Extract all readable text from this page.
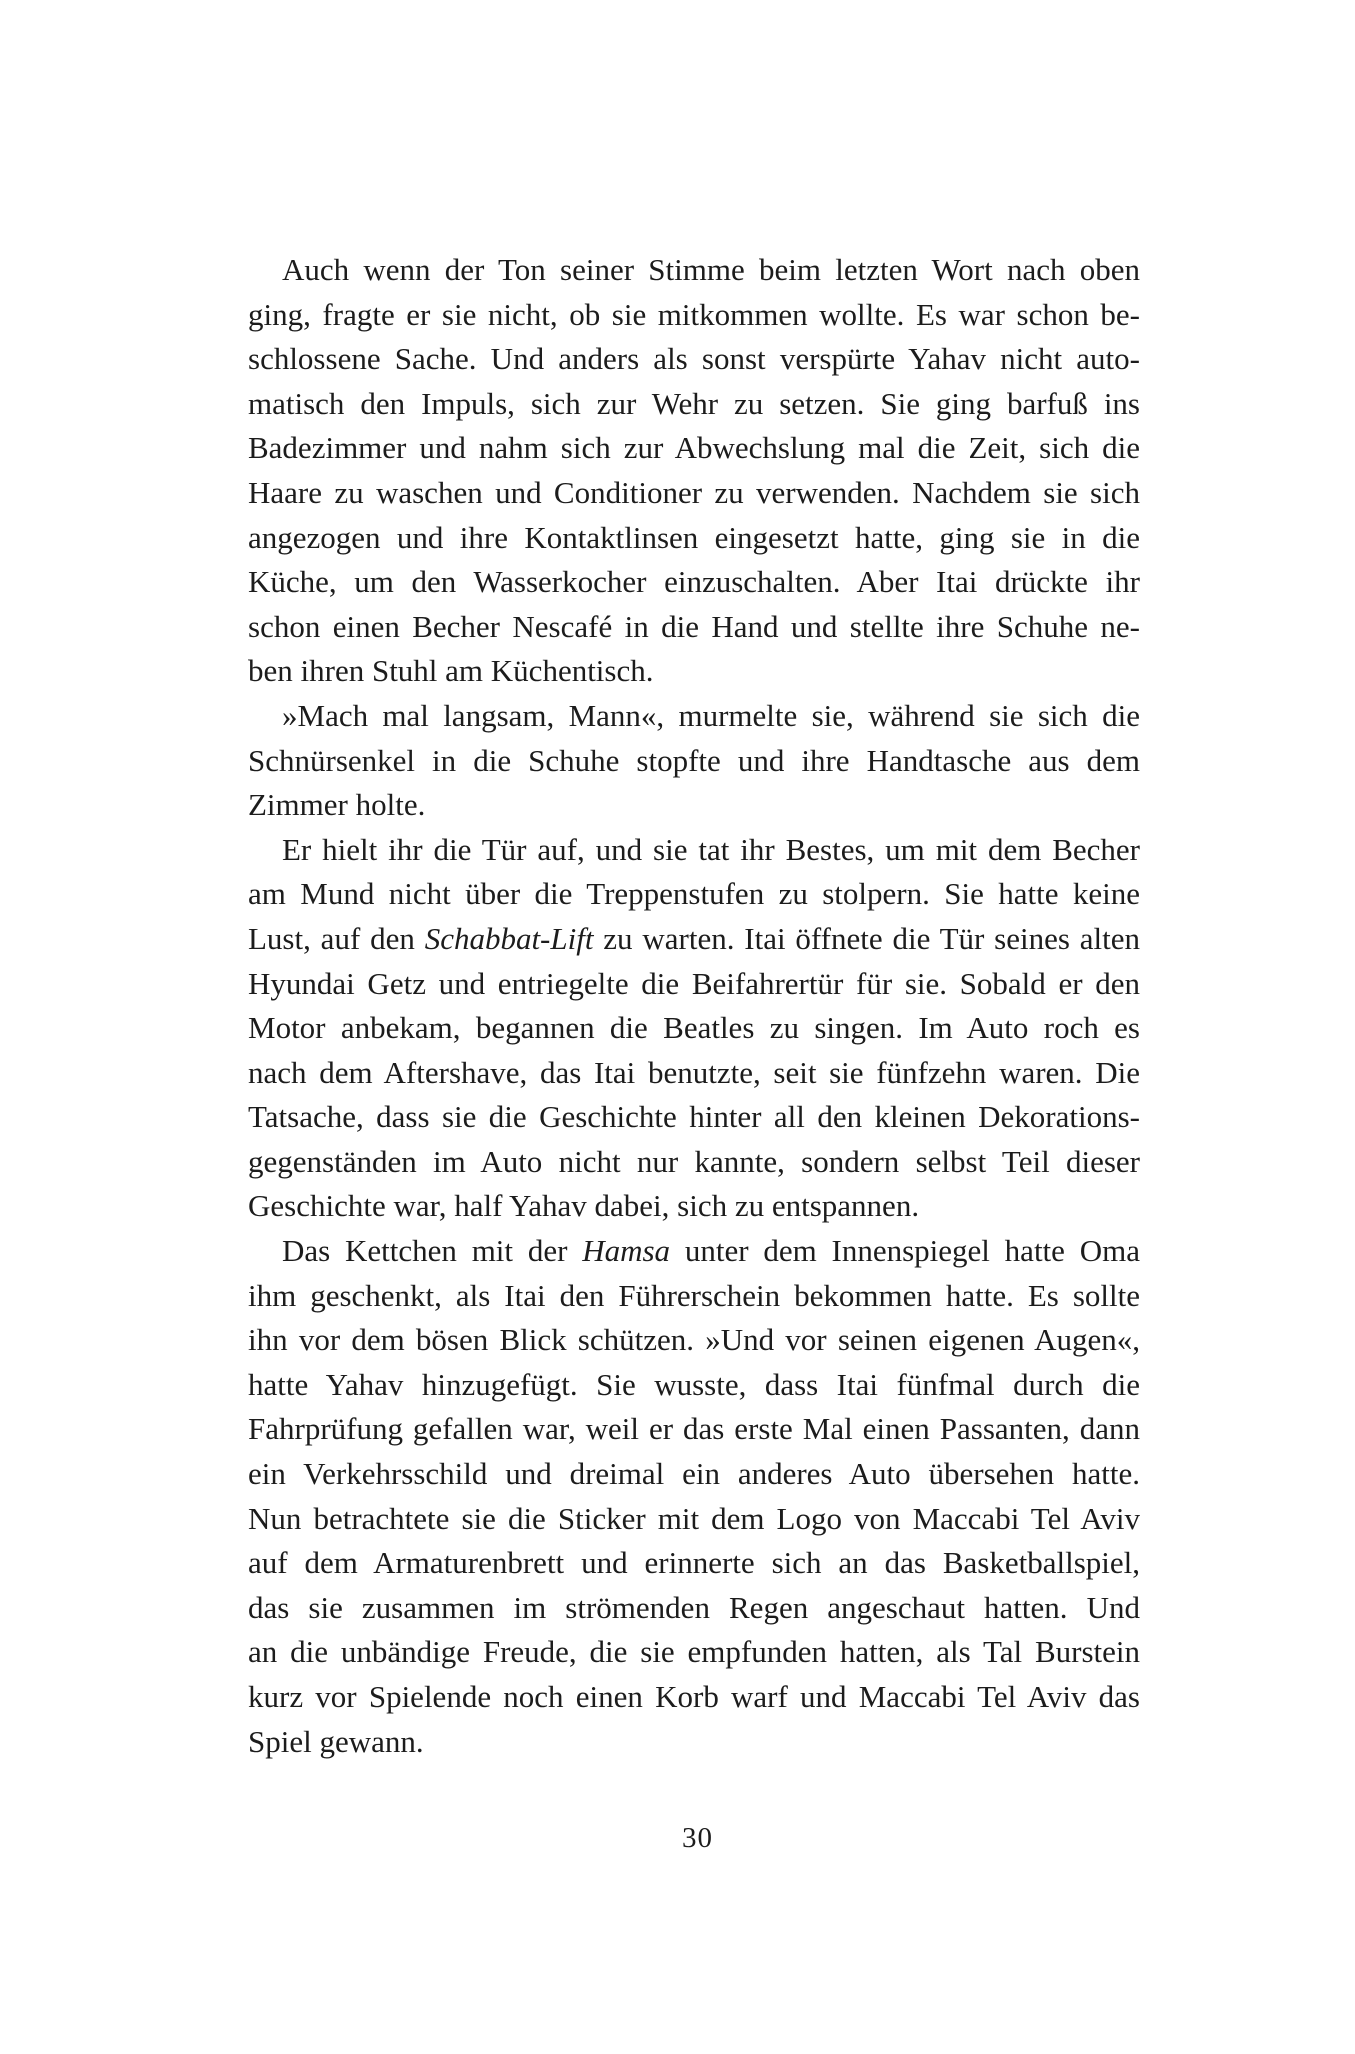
Auch wenn der Ton seiner Stimme beim letzten Wort nach oben
ging, fragte er sie nicht, ob sie mitkommen wollte. Es war schon be-
schlossene Sache. Und anders als sonst verspürte Yahav nicht auto-
matisch den Impuls, sich zur Wehr zu setzen. Sie ging barfuß ins
Badezimmer und nahm sich zur Abwechslung mal die Zeit, sich die
Haare zu waschen und Conditioner zu verwenden. Nachdem sie sich
angezogen und ihre Kontaktlinsen eingesetzt hatte, ging sie in die
Küche, um den Wasserkocher einzuschalten. Aber Itai drückte ihr
schon einen Becher Nescafé in die Hand und stellte ihre Schuhe ne-
ben ihren Stuhl am Küchentisch.
»Mach mal langsam, Mann«, murmelte sie, während sie sich die
Schnürsenkel in die Schuhe stopfte und ihre Handtasche aus dem
Zimmer holte.
Er hielt ihr die Tür auf, und sie tat ihr Bestes, um mit dem Becher
am Mund nicht über die Treppenstufen zu stolpern. Sie hatte keine
Lust, auf den Schabbat-Lift zu warten. Itai öffnete die Tür seines alten
Hyundai Getz und entriegelte die Beifahrertür für sie. Sobald er den
Motor anbekam, begannen die Beatles zu singen. Im Auto roch es
nach dem Aftershave, das Itai benutzte, seit sie fünfzehn waren. Die
Tatsache, dass sie die Geschichte hinter all den kleinen Dekorations-
gegenständen im Auto nicht nur kannte, sondern selbst Teil dieser
Geschichte war, half Yahav dabei, sich zu entspannen.
Das Kettchen mit der Hamsa unter dem Innenspiegel hatte Oma
ihm geschenkt, als Itai den Führerschein bekommen hatte. Es sollte
ihn vor dem bösen Blick schützen. »Und vor seinen eigenen Augen«,
hatte Yahav hinzugefügt. Sie wusste, dass Itai fünfmal durch die
Fahrprüfung gefallen war, weil er das erste Mal einen Passanten, dann
ein Verkehrsschild und dreimal ein anderes Auto übersehen hatte.
Nun betrachtete sie die Sticker mit dem Logo von Maccabi Tel Aviv
auf dem Armaturenbrett und erinnerte sich an das Basketballspiel,
das sie zusammen im strömenden Regen angeschaut hatten. Und
an die unbändige Freude, die sie empfunden hatten, als Tal Burstein
kurz vor Spielende noch einen Korb warf und Maccabi Tel Aviv das
Spiel gewann.
30
